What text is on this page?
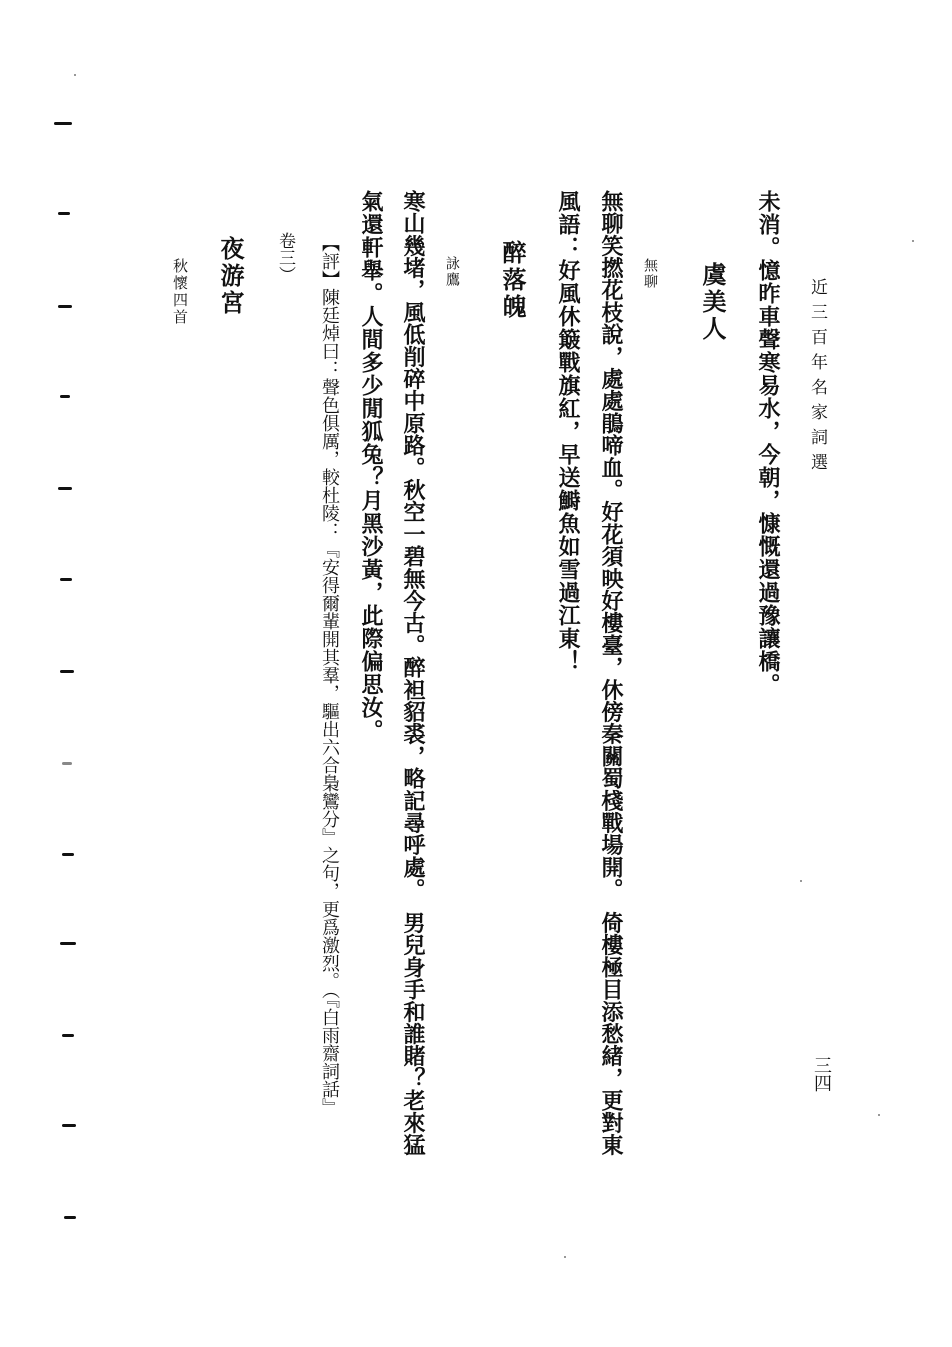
近三百年名家詞選
三四
未消。憶昨車聲寒易水，今朝，慷慨還過豫讓橋。
虞美人
無聊
無聊笑撚花枝說，處處鵑啼血。好花須映好樓臺，休傍秦關蜀棧戰場開。　倚樓極目添愁緒，更對東
風語：好風休簸戰旗紅，早送鰣魚如雪過江東！
醉落魄
詠鷹
寒山幾堵，風低削碎中原路。秋空一碧無今古。醉袒貂裘，略記尋呼處。　男兒身手和誰賭？老來猛
氣還軒舉。人間多少閒狐兔？月黑沙黃，此際偏思汝。
【評】陳廷焯曰：聲色俱厲，較杜陵：『安得爾輩開其羣，驅出六合梟鸞分』之句，更爲激烈。（『白雨齋詞話』
卷三）
夜游宮
秋懷四首
